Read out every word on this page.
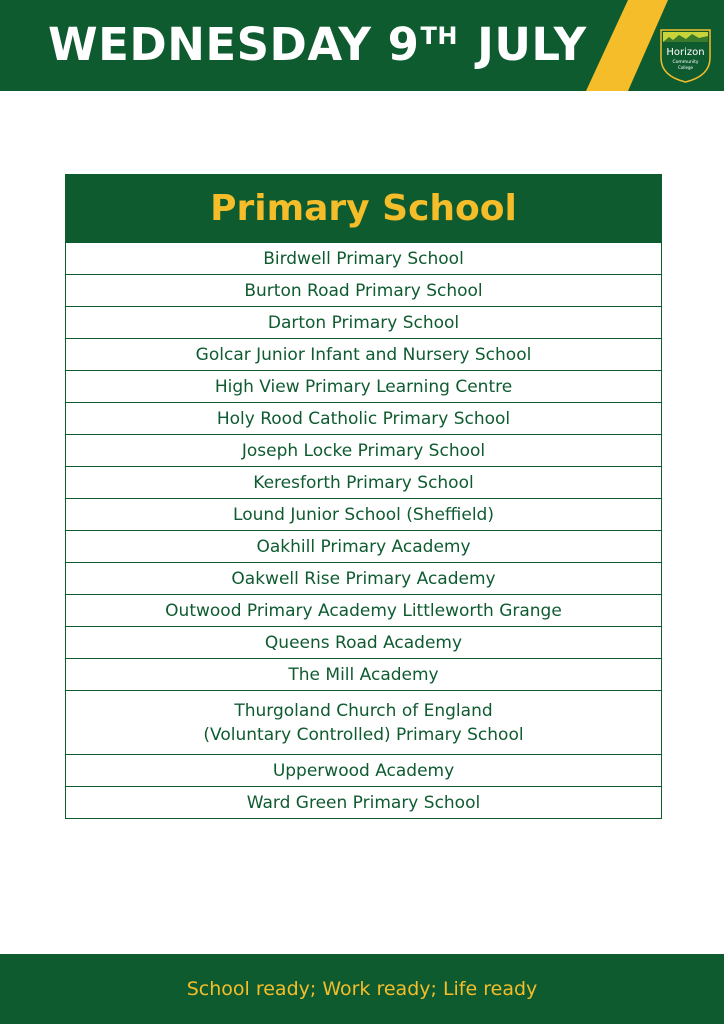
WEDNESDAY 9TH JULY	Horizon
Community
College
Primary School
Birdwell Primary School
Burton Road Primary School
Darton Primary School
Golcar Junior Infant and Nursery School
High View Primary Learning Centre
Holy Rood Catholic Primary School
Joseph Locke Primary School
Keresforth Primary School
Lound Junior School (Sheffield)
Oakhill Primary Academy
Oakwell Rise Primary Academy
Outwood Primary Academy Littleworth Grange
Queens Road Academy
The Mill Academy
Thurgoland Church of England
(Voluntary Controlled) Primary School
Upperwood Academy
Ward Green Primary School
School ready; Work ready; Life ready
